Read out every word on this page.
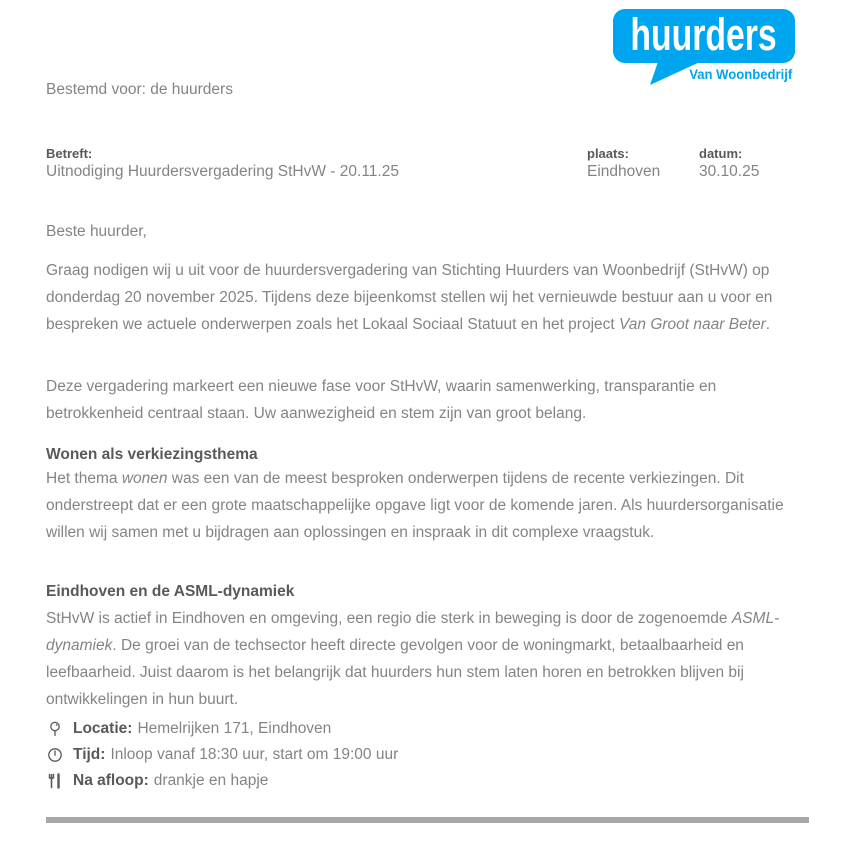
huurders
Van Woonbedrijf

Bestemd voor: de huurders

Betreft:
Uitnodiging Huurdersvergadering StHvW - 20.11.25
plaats:
Eindhoven
datum:
30.10.25

Beste huurder,

Graag nodigen wij u uit voor de huurdersvergadering van Stichting Huurders van Woonbedrijf (StHvW) op donderdag 20 november 2025. Tijdens deze bijeenkomst stellen wij het vernieuwde bestuur aan u voor en bespreken we actuele onderwerpen zoals het Lokaal Sociaal Statuut en het project Van Groot naar Beter.

Deze vergadering markeert een nieuwe fase voor StHvW, waarin samenwerking, transparantie en betrokkenheid centraal staan. Uw aanwezigheid en stem zijn van groot belang.

Wonen als verkiezingsthema

Het thema wonen was een van de meest besproken onderwerpen tijdens de recente verkiezingen. Dit onderstreept dat er een grote maatschappelijke opgave ligt voor de komende jaren. Als huurdersorganisatie willen wij samen met u bijdragen aan oplossingen en inspraak in dit complexe vraagstuk.

Eindhoven en de ASML-dynamiek

StHvW is actief in Eindhoven en omgeving, een regio die sterk in beweging is door de zogenoemde ASML-dynamiek. De groei van de techsector heeft directe gevolgen voor de woningmarkt, betaalbaarheid en leefbaarheid. Juist daarom is het belangrijk dat huurders hun stem laten horen en betrokken blijven bij ontwikkelingen in hun buurt.

Locatie: Hemelrijken 171, Eindhoven
Tijd: Inloop vanaf 18:30 uur, start om 19:00 uur
Na afloop: drankje en hapje
